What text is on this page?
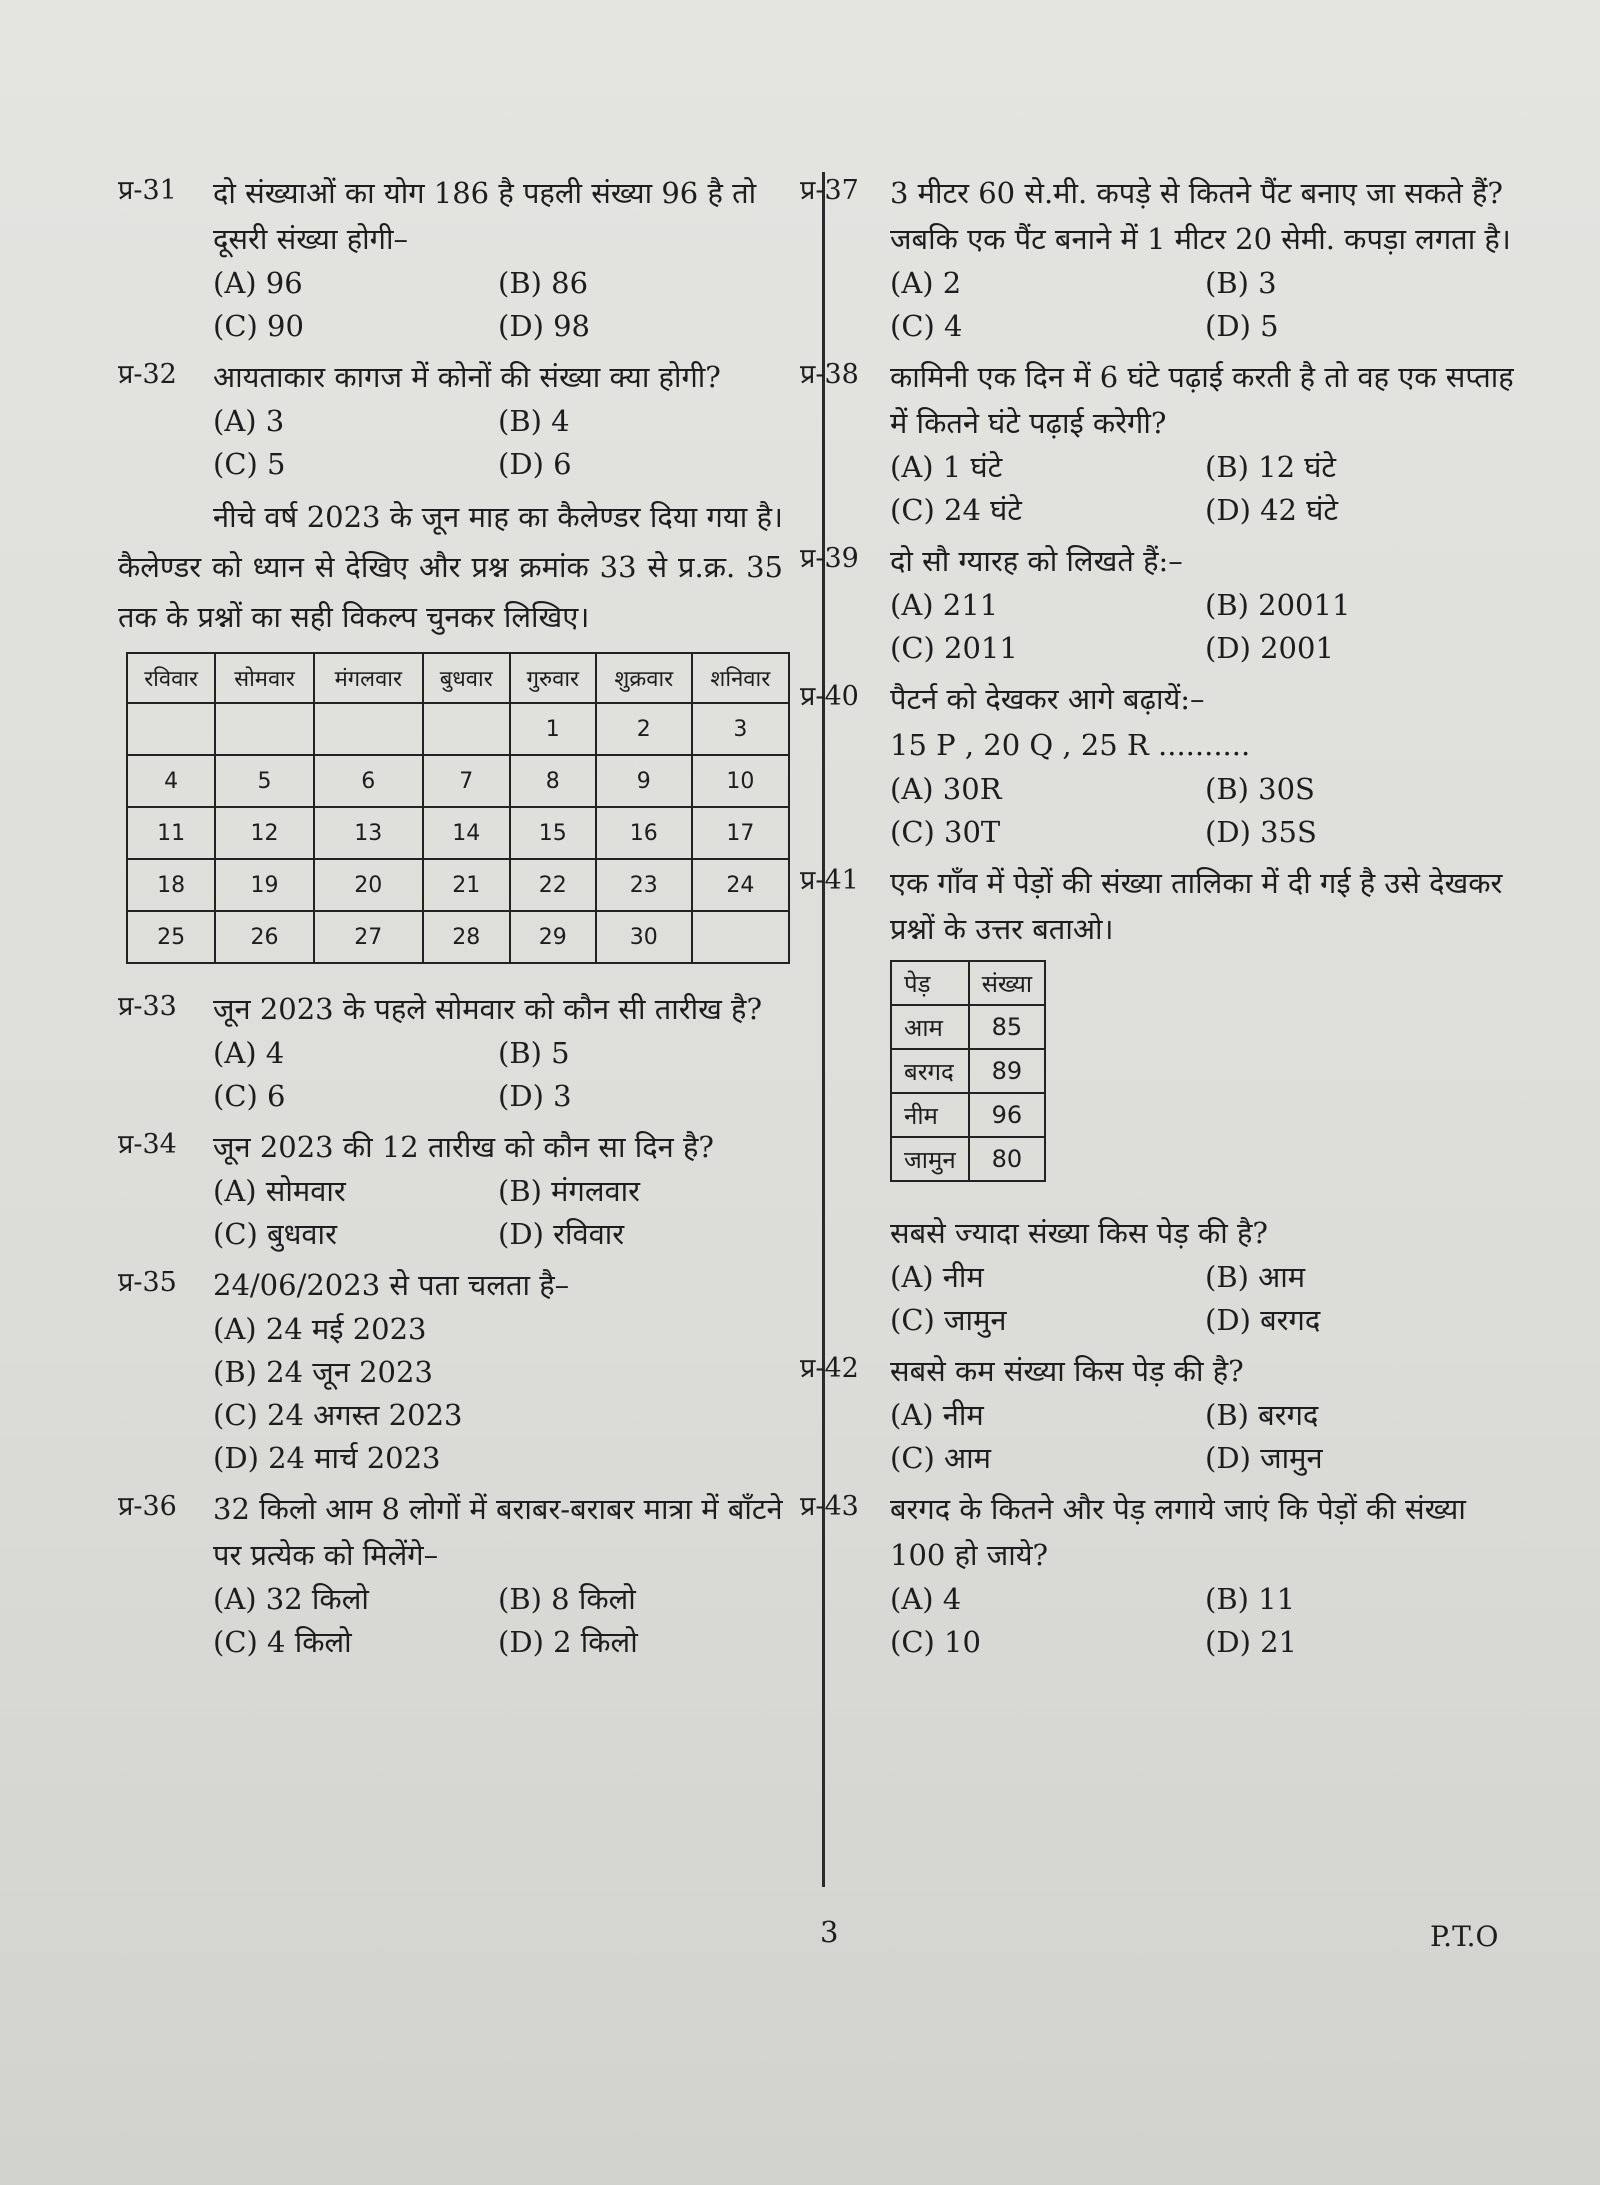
प्र-31 दो संख्याओं का योग 186 है पहली संख्या 96 है तो दूसरी संख्या होगी–
(A) 96	(B) 86
(C) 90	(D) 98
प्र-32 आयताकार कागज में कोनों की संख्या क्या होगी?
(A) 3	(B) 4
(C) 5	(D) 6
नीचे वर्ष 2023 के जून माह का कैलेण्डर दिया गया है। कैलेण्डर को ध्यान से देखिए और प्रश्न क्रमांक 33 से प्र.क्र. 35 तक के प्रश्नों का सही विकल्प चुनकर लिखिए।
रविवार	सोमवार	मंगलवार	बुधवार	गुरुवार	शुक्रवार	शनिवार
				1	2	3
4	5	6	7	8	9	10
11	12	13	14	15	16	17
18	19	20	21	22	23	24
25	26	27	28	29	30	
प्र-33 जून 2023 के पहले सोमवार को कौन सी तारीख है?
(A) 4	(B) 5
(C) 6	(D) 3
प्र-34 जून 2023 की 12 तारीख को कौन सा दिन है?
(A) सोमवार	(B) मंगलवार
(C) बुधवार	(D) रविवार
प्र-35 24/06/2023 से पता चलता है–
(A) 24 मई 2023
(B) 24 जून 2023
(C) 24 अगस्त 2023
(D) 24 मार्च 2023
प्र-36 32 किलो आम 8 लोगों में बराबर-बराबर मात्रा में बाँटने पर प्रत्येक को मिलेंगे–
(A) 32 किलो	(B) 8 किलो
(C) 4 किलो	(D) 2 किलो
प्र-37 3 मीटर 60 से.मी. कपड़े से कितने पैंट बनाए जा सकते हैं? जबकि एक पैंट बनाने में 1 मीटर 20 सेमी. कपड़ा लगता है।
(A) 2	(B) 3
(C) 4	(D) 5
प्र-38 कामिनी एक दिन में 6 घंटे पढ़ाई करती है तो वह एक सप्ताह में कितने घंटे पढ़ाई करेगी?
(A) 1 घंटे	(B) 12 घंटे
(C) 24 घंटे	(D) 42 घंटे
प्र-39 दो सौ ग्यारह को लिखते हैं:–
(A) 211	(B) 20011
(C) 2011	(D) 2001
प्र-40 पैटर्न को देखकर आगे बढ़ायें:–
15 P , 20 Q , 25 R ..........
(A) 30R	(B) 30S
(C) 30T	(D) 35S
प्र-41 एक गाँव में पेड़ों की संख्या तालिका में दी गई है उसे देखकर प्रश्नों के उत्तर बताओ।
पेड़	संख्या
आम	85
बरगद	89
नीम	96
जामुन	80
सबसे ज्यादा संख्या किस पेड़ की है?
(A) नीम	(B) आम
(C) जामुन	(D) बरगद
प्र-42 सबसे कम संख्या किस पेड़ की है?
(A) नीम	(B) बरगद
(C) आम	(D) जामुन
प्र-43 बरगद के कितने और पेड़ लगाये जाएं कि पेड़ों की संख्या 100 हो जाये?
(A) 4	(B) 11
(C) 10	(D) 21
3	P.T.O
